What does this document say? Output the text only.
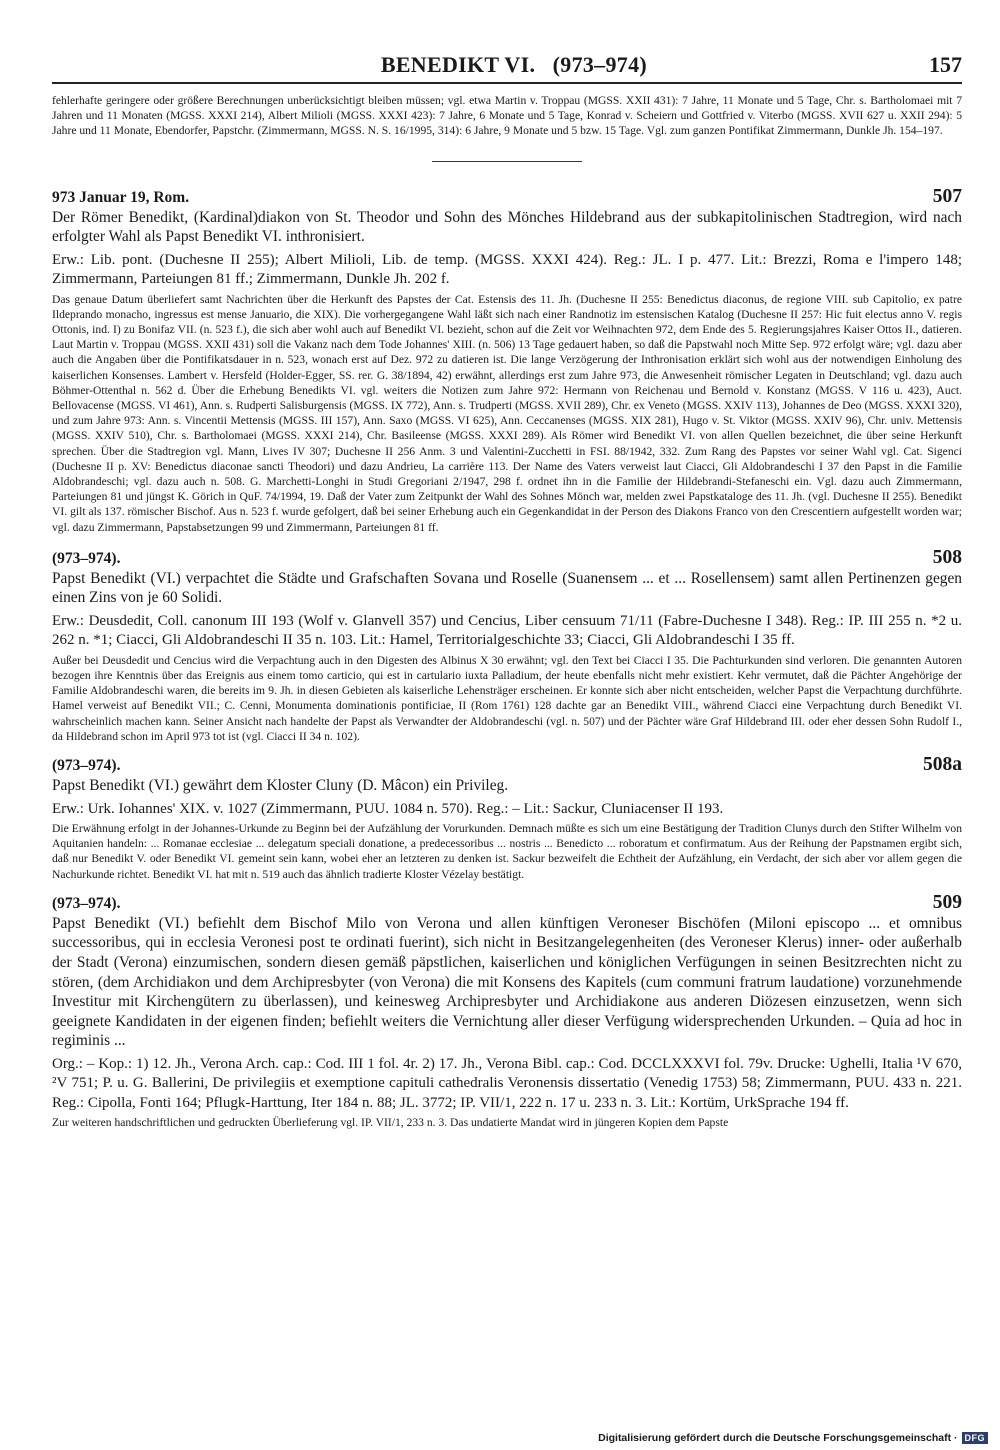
BENEDIKT VI.   (973–974)	157

fehlerhafte geringere oder größere Berechnungen unberücksichtigt bleiben müssen; vgl. etwa Martin v. Troppau (MGSS. XXII 431): 7 Jahre, 11 Monate und 5 Tage, Chr. s. Bartholomaei mit 7 Jahren und 11 Monaten (MGSS. XXXI 214), Albert Milioli (MGSS. XXXI 423): 7 Jahre, 6 Monate und 5 Tage, Konrad v. Scheiern und Gottfried v. Viterbo (MGSS. XVII 627 u. XXII 294): 5 Jahre und 11 Monate, Ebendorfer, Papstchr. (Zimmermann, MGSS. N. S. 16/1995, 314): 6 Jahre, 9 Monate und 5 bzw. 15 Tage. Vgl. zum ganzen Pontifikat Zimmermann, Dunkle Jh. 154–197.

973 Januar 19, Rom.	507

Der Römer Benedikt, (Kardinal)diakon von St. Theodor und Sohn des Mönches Hildebrand aus der subkapitolinischen Stadtregion, wird nach erfolgter Wahl als Papst Benedikt VI. inthronisiert.

Erw.: Lib. pont. (Duchesne II 255); Albert Milioli, Lib. de temp. (MGSS. XXXI 424). Reg.: JL. I p. 477. Lit.: Brezzi, Roma e l'impero 148; Zimmermann, Parteiungen 81 ff.; Zimmermann, Dunkle Jh. 202 f.

Das genaue Datum überliefert samt Nachrichten über die Herkunft des Papstes der Cat. Estensis des 11. Jh. (Duchesne II 255: Benedictus diaconus, de regione VIII. sub Capitolio, ex patre Ildeprando monacho, ingressus est mense Januario, die XIX). Die vorhergegangene Wahl läßt sich nach einer Randnotiz im estensischen Katalog (Duchesne II 257: Hic fuit electus anno V. regis Ottonis, ind. I) zu Bonifaz VII. (n. 523 f.), die sich aber wohl auch auf Benedikt VI. bezieht, schon auf die Zeit vor Weihnachten 972, dem Ende des 5. Regierungsjahres Kaiser Ottos II., datieren. Laut Martin v. Troppau (MGSS. XXII 431) soll die Vakanz nach dem Tode Johannes' XIII. (n. 506) 13 Tage gedauert haben, so daß die Papstwahl noch Mitte Sep. 972 erfolgt wäre; vgl. dazu aber auch die Angaben über die Pontifikatsdauer in n. 523, wonach erst auf Dez. 972 zu datieren ist. Die lange Verzögerung der Inthronisation erklärt sich wohl aus der notwendigen Einholung des kaiserlichen Konsenses. Lambert v. Hersfeld (Holder-Egger, SS. rer. G. 38/1894, 42) erwähnt, allerdings erst zum Jahre 973, die Anwesenheit römischer Legaten in Deutschland; vgl. dazu auch Böhmer-Ottenthal n. 562 d. Über die Erhebung Benedikts VI. vgl. weiters die Notizen zum Jahre 972: Hermann von Reichenau und Bernold v. Konstanz (MGSS. V 116 u. 423), Auct. Bellovacense (MGSS. VI 461), Ann. s. Rudperti Salisburgensis (MGSS. IX 772), Ann. s. Trudperti (MGSS. XVII 289), Chr. ex Veneto (MGSS. XXIV 113), Johannes de Deo (MGSS. XXXI 320), und zum Jahre 973: Ann. s. Vincentii Mettensis (MGSS. III 157), Ann. Saxo (MGSS. VI 625), Ann. Ceccanenses (MGSS. XIX 281), Hugo v. St. Viktor (MGSS. XXIV 96), Chr. univ. Mettensis (MGSS. XXIV 510), Chr. s. Bartholomaei (MGSS. XXXI 214), Chr. Basileense (MGSS. XXXI 289). Als Römer wird Benedikt VI. von allen Quellen bezeichnet, die über seine Herkunft sprechen. Über die Stadtregion vgl. Mann, Lives IV 307; Duchesne II 256 Anm. 3 und Valentini-Zucchetti in FSI. 88/1942, 332. Zum Rang des Papstes vor seiner Wahl vgl. Cat. Sigenci (Duchesne II p. XV: Benedictus diaconae sancti Theodori) und dazu Andrieu, La carrière 113. Der Name des Vaters verweist laut Ciacci, Gli Aldobrandeschi I 37 den Papst in die Familie Aldobrandeschi; vgl. dazu auch n. 508. G. Marchetti-Longhi in Studi Gregoriani 2/1947, 298 f. ordnet ihn in die Familie der Hildebrandi-Stefaneschi ein. Vgl. dazu auch Zimmermann, Parteiungen 81 und jüngst K. Görich in QuF. 74/1994, 19. Daß der Vater zum Zeitpunkt der Wahl des Sohnes Mönch war, melden zwei Papstkataloge des 11. Jh. (vgl. Duchesne II 255). Benedikt VI. gilt als 137. römischer Bischof. Aus n. 523 f. wurde gefolgert, daß bei seiner Erhebung auch ein Gegenkandidat in der Person des Diakons Franco von den Crescentiern aufgestellt worden war; vgl. dazu Zimmermann, Papstabsetzungen 99 und Zimmermann, Parteiungen 81 ff.

(973–974).	508

Papst Benedikt (VI.) verpachtet die Städte und Grafschaften Sovana und Roselle (Suanensem ... et ... Rosellensem) samt allen Pertinenzen gegen einen Zins von je 60 Solidi.

Erw.: Deusdedit, Coll. canonum III 193 (Wolf v. Glanvell 357) und Cencius, Liber censuum 71/11 (Fabre-Duchesne I 348). Reg.: IP. III 255 n. *2 u. 262 n. *1; Ciacci, Gli Aldobrandeschi II 35 n. 103. Lit.: Hamel, Territorialgeschichte 33; Ciacci, Gli Aldobrandeschi I 35 ff.

Außer bei Deusdedit und Cencius wird die Verpachtung auch in den Digesten des Albinus X 30 erwähnt; vgl. den Text bei Ciacci I 35. Die Pachturkunden sind verloren. Die genannten Autoren bezogen ihre Kenntnis über das Ereignis aus einem tomo carticio, qui est in cartulario iuxta Palladium, der heute ebenfalls nicht mehr existiert. Kehr vermutet, daß die Pächter Angehörige der Familie Aldobrandeschi waren, die bereits im 9. Jh. in diesen Gebieten als kaiserliche Lehensträger erscheinen. Er konnte sich aber nicht entscheiden, welcher Papst die Verpachtung durchführte. Hamel verweist auf Benedikt VII.; C. Cenni, Monumenta dominationis pontificiae, II (Rom 1761) 128 dachte gar an Benedikt VIII., während Ciacci eine Verpachtung durch Benedikt VI. wahrscheinlich machen kann. Seiner Ansicht nach handelte der Papst als Verwandter der Aldobrandeschi (vgl. n. 507) und der Pächter wäre Graf Hildebrand III. oder eher dessen Sohn Rudolf I., da Hildebrand schon im April 973 tot ist (vgl. Ciacci II 34 n. 102).

(973–974).	508a

Papst Benedikt (VI.) gewährt dem Kloster Cluny (D. Mâcon) ein Privileg.

Erw.: Urk. Iohannes' XIX. v. 1027 (Zimmermann, PUU. 1084 n. 570). Reg.: – Lit.: Sackur, Cluniacenser II 193.

Die Erwähnung erfolgt in der Johannes-Urkunde zu Beginn bei der Aufzählung der Vorurkunden. Demnach müßte es sich um eine Bestätigung der Tradition Clunys durch den Stifter Wilhelm von Aquitanien handeln: ... Romanae ecclesiae ... delegatum speciali donatione, a predecessoribus ... nostris ... Benedicto ... roboratum et confirmatum. Aus der Reihung der Papstnamen ergibt sich, daß nur Benedikt V. oder Benedikt VI. gemeint sein kann, wobei eher an letzteren zu denken ist. Sackur bezweifelt die Echtheit der Aufzählung, ein Verdacht, der sich aber vor allem gegen die Nachurkunde richtet. Benedikt VI. hat mit n. 519 auch das ähnlich tradierte Kloster Vézelay bestätigt.

(973–974).	509

Papst Benedikt (VI.) befiehlt dem Bischof Milo von Verona und allen künftigen Veroneser Bischöfen (Miloni episcopo ... et omnibus successoribus, qui in ecclesia Veronesi post te ordinati fuerint), sich nicht in Besitzangelegenheiten (des Veroneser Klerus) inner- oder außerhalb der Stadt (Verona) einzumischen, sondern diesen gemäß päpstlichen, kaiserlichen und königlichen Verfügungen in seinen Besitzrechten nicht zu stören, (dem Archidiakon und dem Archipresbyter (von Verona) die mit Konsens des Kapitels (cum communi fratrum laudatione) vorzunehmende Investitur mit Kirchengütern zu überlassen), und keinesweg Archipresbyter und Archidiakone aus anderen Diözesen einzusetzen, wenn sich geeignete Kandidaten in der eigenen finden; befiehlt weiters die Vernichtung aller dieser Verfügung widersprechenden Urkunden. – Quia ad hoc in regiminis ...

Org.: – Kop.: 1) 12. Jh., Verona Arch. cap.: Cod. III 1 fol. 4r. 2) 17. Jh., Verona Bibl. cap.: Cod. DCCLXXXVI fol. 79v. Drucke: Ughelli, Italia ¹V 670, ²V 751; P. u. G. Ballerini, De privilegiis et exemptione capituli cathedralis Veronensis dissertatio (Venedig 1753) 58; Zimmermann, PUU. 433 n. 221. Reg.: Cipolla, Fonti 164; Pflugk-Harttung, Iter 184 n. 88; JL. 3772; IP. VII/1, 222 n. 17 u. 233 n. 3. Lit.: Kortüm, UrkSprache 194 ff.

Zur weiteren handschriftlichen und gedruckten Überlieferung vgl. IP. VII/1, 233 n. 3. Das undatierte Mandat wird in jüngeren Kopien dem Papste

Digitalisierung gefördert durch die Deutsche Forschungsgemeinschaft · DFG
